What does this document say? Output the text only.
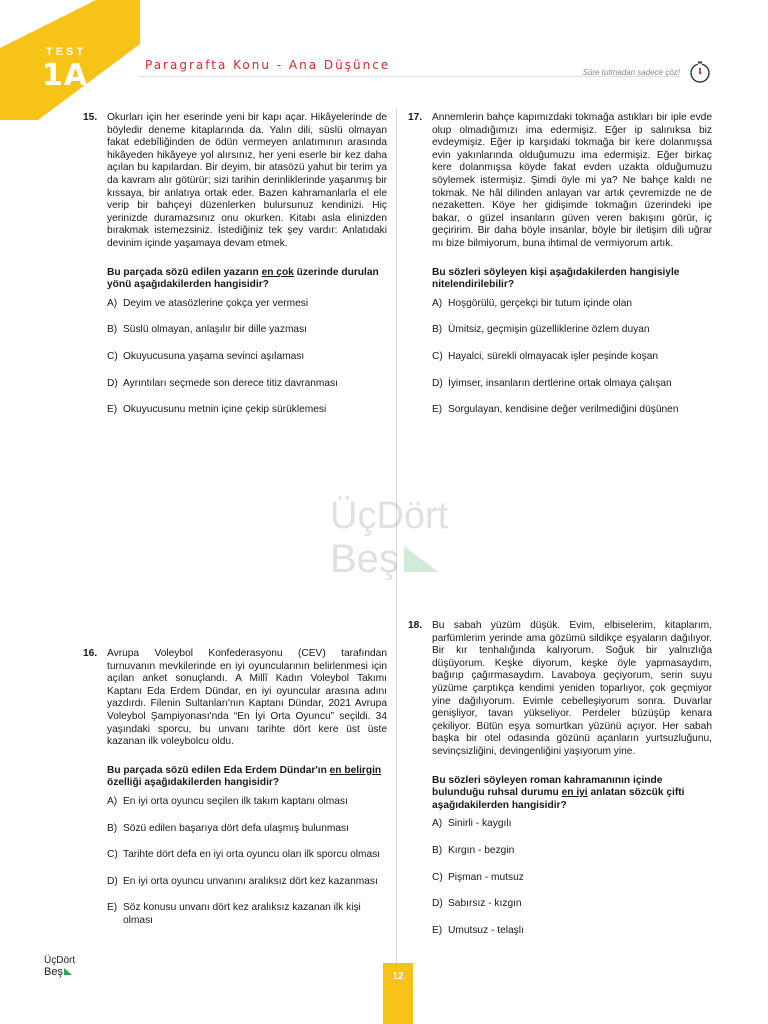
TEST
1A	Paragrafta Konu - Ana Düşünce
Süre tutmadan sadece çöz!
15. Okurları için her eserinde yeni bir kapı açar. Hikâyelerinde de böyledir deneme kitaplarında da. Yalın dili, süslü olmayan fakat edebîliğinden de ödün vermeyen anlatımının arasında hikâyeden hikâyeye yol alırsınız, her yeni eserle bir kez daha açılan bu kapılardan. Bir deyim, bir atasözü yahut bir terim ya da kavram alır götürür; sizi tarihin derinliklerinde yaşanmış bir kıssaya, bir anlatıya ortak eder. Bazen kahramanlarla el ele verip bir bahçeyi düzenlerken bulursunuz kendinizi. Hiç yerinizde duramazsınız onu okurken. Kitabı asla elinizden bırakmak istemezsiniz. İstediğiniz tek şey vardır: Anlatıdaki devinim içinde yaşamaya devam etmek.

Bu parçada sözü edilen yazarın en çok üzerinde durulan yönü aşağıdakilerden hangisidir?

A) Deyim ve atasözlerine çokça yer vermesi
B) Süslü olmayan, anlaşılır bir dille yazması
C) Okuyucusuna yaşama sevinci aşılaması
D) Ayrıntıları seçmede son derece titiz davranması
E) Okuyucusunu metnin içine çekip sürüklemesi
16. Avrupa Voleybol Konfederasyonu (CEV) tarafından turnuvanın mevkilerinde en iyi oyuncularının belirlenmesi için açılan anket sonuçlandı. A Millî Kadın Voleybol Takımı Kaptanı Eda Erdem Dündar, en iyi oyuncular arasına adını yazdırdı. Filenin Sultanları'nın Kaptanı Dündar, 2021 Avrupa Voleybol Şampiyonası'nda “En İyi Orta Oyuncu” seçildi. 34 yaşındaki sporcu, bu unvanı tarihte dört kere üst üste kazanan ilk voleybolcu oldu.

Bu parçada sözü edilen Eda Erdem Dündar'ın en belirgin özelliği aşağıdakilerden hangisidir?

A) En iyi orta oyuncu seçilen ilk takım kaptanı olması
B) Sözü edilen başarıya dört defa ulaşmış bulunması
C) Tarihte dört defa en iyi orta oyuncu olan ilk sporcu olması
D) En iyi orta oyuncu unvanını aralıksız dört kez kazanması
E) Söz konusu unvanı dört kez aralıksız kazanan ilk kişi olması
17. Annemlerin bahçe kapımızdaki tokmağa astıkları bir iple evde olup olmadığımızı ima edermişiz. Eğer ip salınıksa biz evdeymişiz. Eğer ip karşıdaki tokmağa bir kere dolanmışsa evin yakınlarında olduğumuzu ima edermişiz. Eğer birkaç kere dolanmışsa köyde fakat evden uzakta olduğumuzu söylemek istermişiz. Şimdi öyle mi ya? Ne bahçe kaldı ne tokmak. Ne hâl dilinden anlayan var artık çevremizde ne de nezaketten. Köye her gidişimde tokmağın üzerindeki ipe bakar, o güzel insanların güven veren bakışını görür, iç geçiririm. Bir daha böyle insanlar, böyle bir iletişim dili uğrar mı bize bilmiyorum, buna ihtimal de vermiyorum artık.

Bu sözleri söyleyen kişi aşağıdakilerden hangisiyle nitelendirilebilir?

A) Hoşgörülü, gerçekçi bir tutum içinde olan
B) Ümitsiz, geçmişin güzelliklerine özlem duyan
C) Hayalci, sürekli olmayacak işler peşinde koşan
D) İyimser, insanların dertlerine ortak olmaya çalışan
E) Sorgulayan, kendisine değer verilmediğini düşünen
18. Bu sabah yüzüm düşük. Evim, elbiselerim, kitaplarım, parfümlerim yerinde ama gözümü sildikçe eşyaların dağılıyor. Bir kır tenhalığında kalıyorum. Soğuk bir yalnızlığa düşüyorum. Keşke diyorum, keşke öyle yapmasaydım, bağırıp çağırmasaydım. Lavaboya geçiyorum, serin suyu yüzüme çarptıkça kendimi yeniden toparlıyor, çok geçmiyor yine dağılıyorum. Evimle cebelleşiyorum sonra. Duvarlar genişliyor, tavan yükseliyor. Perdeler büzüşüp kenara çekiliyor. Bütün eşya somurtkan yüzünü açıyor. Her sabah başka bir otel odasında gözünü açanların yurtsuzluğunu, sevinçsizliğini, devingenliğini yaşıyorum yine.

Bu sözleri söyleyen roman kahramanının içinde bulunduğu ruhsal durumu en iyi anlatan sözcük çifti aşağıdakilerden hangisidir?

A) Sinirli - kaygılı
B) Kırgın - bezgin
C) Pişman - mutsuz
D) Sabırsız - kızgın
E) Umutsuz - telaşlı
ÜçDört
Beş
ÜçDört
Beş	12
